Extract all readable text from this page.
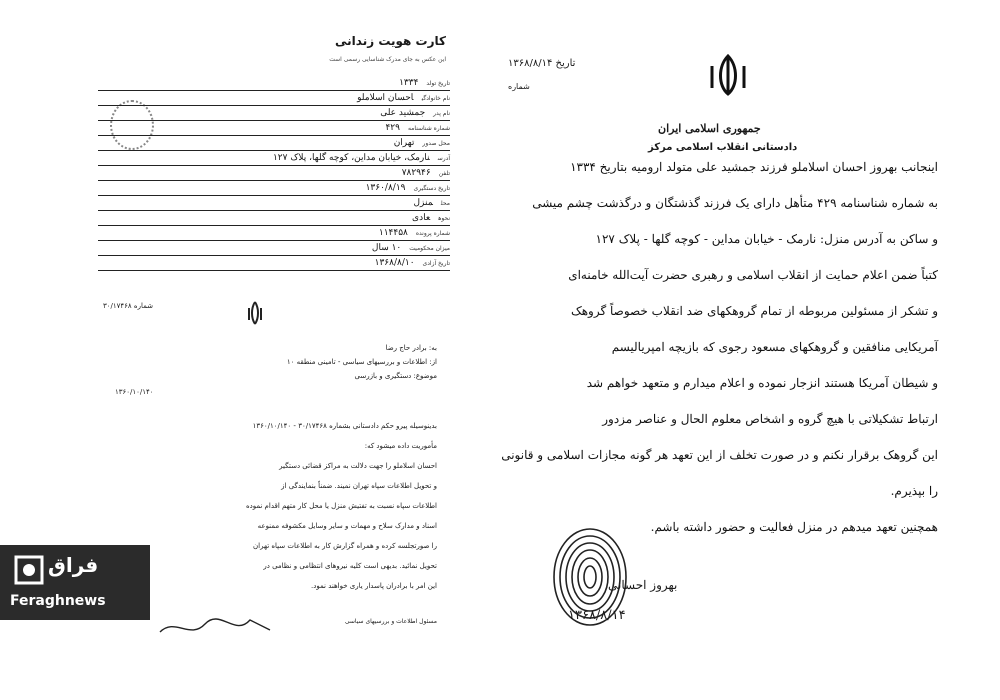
کارت هویت زندانی
این عکس به جای مدرک شناسایی رسمی است
تاریخ تولد۱۳۳۴
نام خانوادگیاحسان اسلاملو
نام پدرجمشید علی
شماره شناسنامه۴۲۹
محل صدورتهران
آدرسنارمک، خیابان مداین، کوچه گلها، پلاک ۱۲۷
تلفن۷۸۲۹۴۶
تاریخ دستگیری۱۳۶۰/۸/۱۹
محلمنزل
نحوهعادی
شماره پرونده۱۱۴۴۵۸
میزان محکومیت۱۰ سال
تاریخ آزادی۱۳۶۸/۸/۱۰
شماره ۳۰/۱۷۴۶۸
به: برادر حاج رضا
از: اطلاعات و بررسیهای سیاسی - تامینی منطقه ۱۰
موضوع: دستگیری و بازرسی
۱۳۶۰/۱۰/۱۴۰
بدینوسیله پیرو حکم دادستانی بشماره ۳۰/۱۷۴۶۸ - ۱۳۶۰/۱۰/۱۴۰
مأموریت داده میشود که:
احسان اسلاملو را جهت دلالت به مراکز قضائی دستگیر
و تحویل اطلاعات سپاه تهران نمیند. ضمناً بنمایندگی از
اطلاعات سپاه نسبت به تفتیش منزل یا محل کار متهم اقدام نموده
اسناد و مدارک سلاح و مهمات و سایر وسایل مکشوفه ممنوعه
را صورتجلسه کرده و همراه گزارش کار به اطلاعات سپاه تهران
تحویل نمائید. بدیهی است کلیه نیروهای انتظامی و نظامی در
این امر با برادران پاسدار یاری خواهند نمود.
مسئول اطلاعات و بررسیهای سیاسی
تاریخ ۱۳۶۸/۸/۱۴
شماره
جمهوری اسلامی ایران
دادستانی انقلاب اسلامی مرکز
اینجانب بهروز احسان اسلاملو فرزند جمشید علی متولد ارومیه بتاریخ ۱۳۳۴
به شماره شناسنامه ۴۲۹ متأهل دارای یک فرزند گذشتگان و درگذشت چشم میشی
و ساکن به آدرس منزل: نارمک - خیابان مداین - کوچه گلها - پلاک ۱۲۷
کتباً ضمن اعلام حمایت از انقلاب اسلامی و رهبری حضرت آیت‌الله خامنه‌ای
و تشکر از مسئولین مربوطه از تمام گروهکهای ضد انقلاب خصوصاً گروهک
آمریکایی منافقین و گروهکهای مسعود رجوی که بازیچه امپریالیسم
و شیطان آمریکا هستند انزجار نموده و اعلام میدارم و متعهد خواهم شد
ارتباط تشکیلاتی با هیچ گروه و اشخاص معلوم الحال و عناصر مزدور
این گروهک برقرار نکنم و در صورت تخلف از این تعهد هر گونه مجازات اسلامی و قانونی
را بپذیرم.
همچنین تعهد میدهم در منزل فعالیت و حضور داشته باشم.
بهروز احسانی
۱۳۶۸/۸/۱۴
فراق
Feraghnews
